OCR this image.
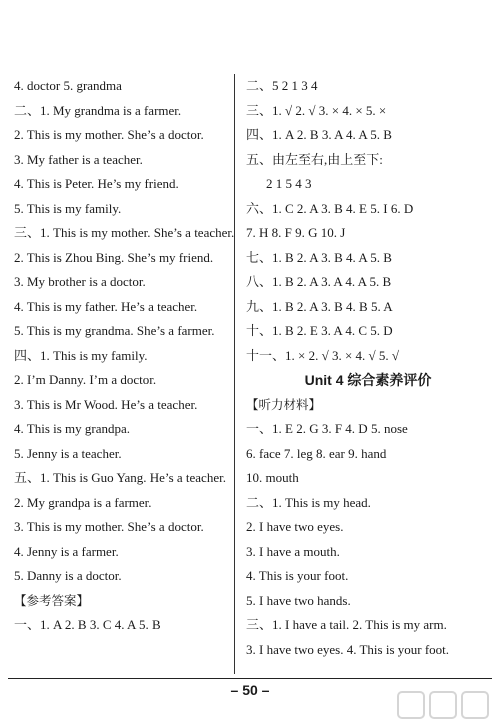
4. doctor 5. grandma
二、1. My grandma is a farmer.
2. This is my mother. She’s a doctor.
3. My father is a teacher.
4. This is Peter. He’s my friend.
5. This is my family.
三、1. This is my mother. She’s a teacher.
2. This is Zhou Bing. She’s my friend.
3. My brother is a doctor.
4. This is my father. He’s a teacher.
5. This is my grandma. She’s a farmer.
四、1. This is my family.
2. I’m Danny. I’m a doctor.
3. This is Mr Wood. He’s a teacher.
4. This is my grandpa.
5. Jenny is a teacher.
五、1. This is Guo Yang. He’s a teacher.
2. My grandpa is a farmer.
3. This is my mother. She’s a doctor.
4. Jenny is a farmer.
5. Danny is a doctor.
【参考答案】
一、1. A 2. B 3. C 4. A 5. B
二、5 2 1 3 4
三、1. √ 2. √ 3. × 4. × 5. ×
四、1. A 2. B 3. A 4. A 5. B
五、由左至右,由上至下:
2 1 5 4 3
六、1. C 2. A 3. B 4. E 5. I 6. D
7. H 8. F 9. G 10. J
七、1. B 2. A 3. B 4. A 5. B
八、1. B 2. A 3. A 4. A 5. B
九、1. B 2. A 3. B 4. B 5. A
十、1. B 2. E 3. A 4. C 5. D
十一、1. × 2. √ 3. × 4. √ 5. √
Unit 4 综合素养评价
【听力材料】
一、1. E 2. G 3. F 4. D 5. nose
6. face 7. leg 8. ear 9. hand
10. mouth
二、1. This is my head.
2. I have two eyes.
3. I have a mouth.
4. This is your foot.
5. I have two hands.
三、1. I have a tail. 2. This is my arm.
3. I have two eyes. 4. This is your foot.
– 50 –
